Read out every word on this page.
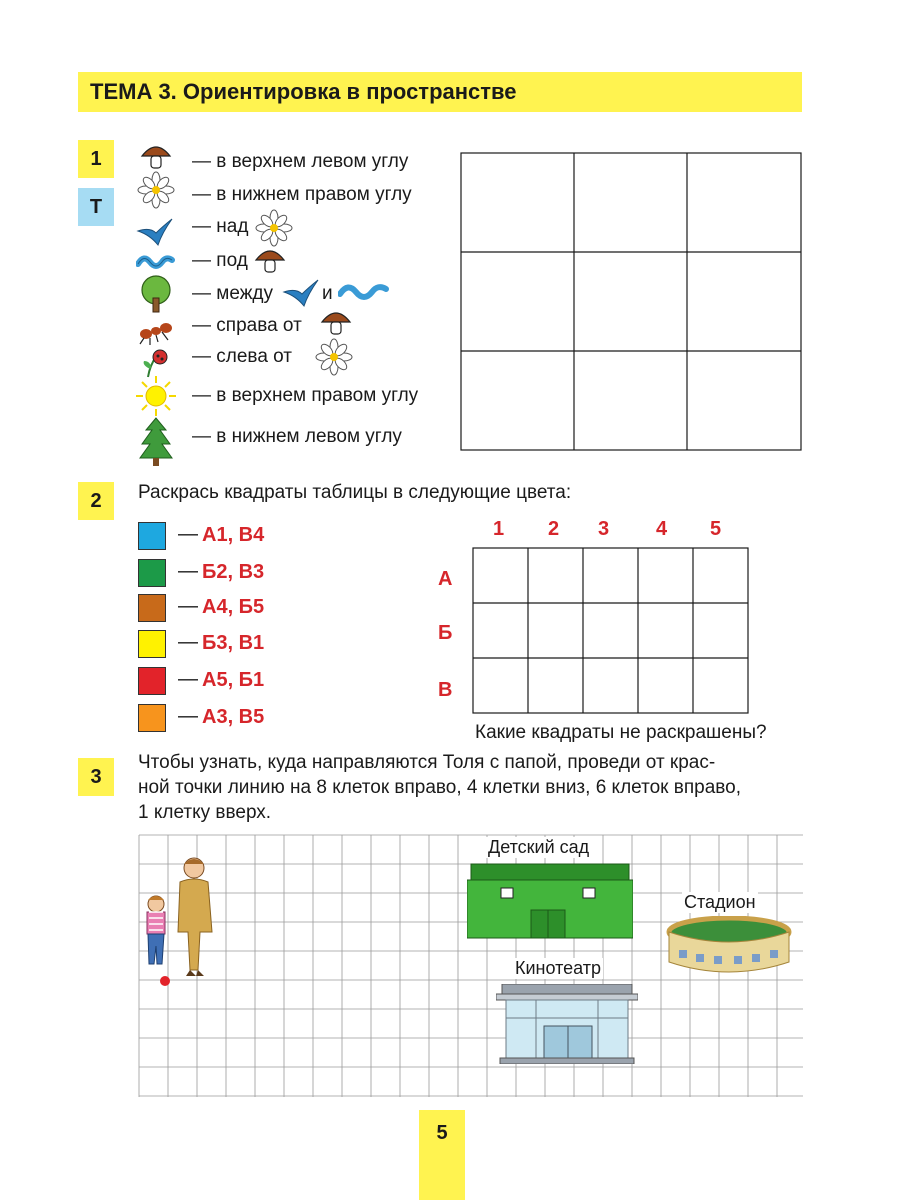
ТЕМА 3. Ориентировка в пространстве
1
Т
— в верхнем левом углу
— в нижнем правом углу
— над
— под
— между	и
— справа от
— слева от
— в верхнем правом углу
— в нижнем левом углу
2	Раскрась квадраты таблицы в следующие цвета:
— А1, В4
— Б2, В3
— А4, Б5
— Б3, В1
— А5, Б1
— А3, В5
1 2 3 4 5
А
Б
В
Какие квадраты не раскрашены?
3
Чтобы узнать, куда направляются Толя с папой, проведи от крас-
ной точки линию на 8 клеток вправо, 4 клетки вниз, 6 клеток вправо,
1 клетку вверх.
Детский сад
Стадион
Кинотеатр
5
